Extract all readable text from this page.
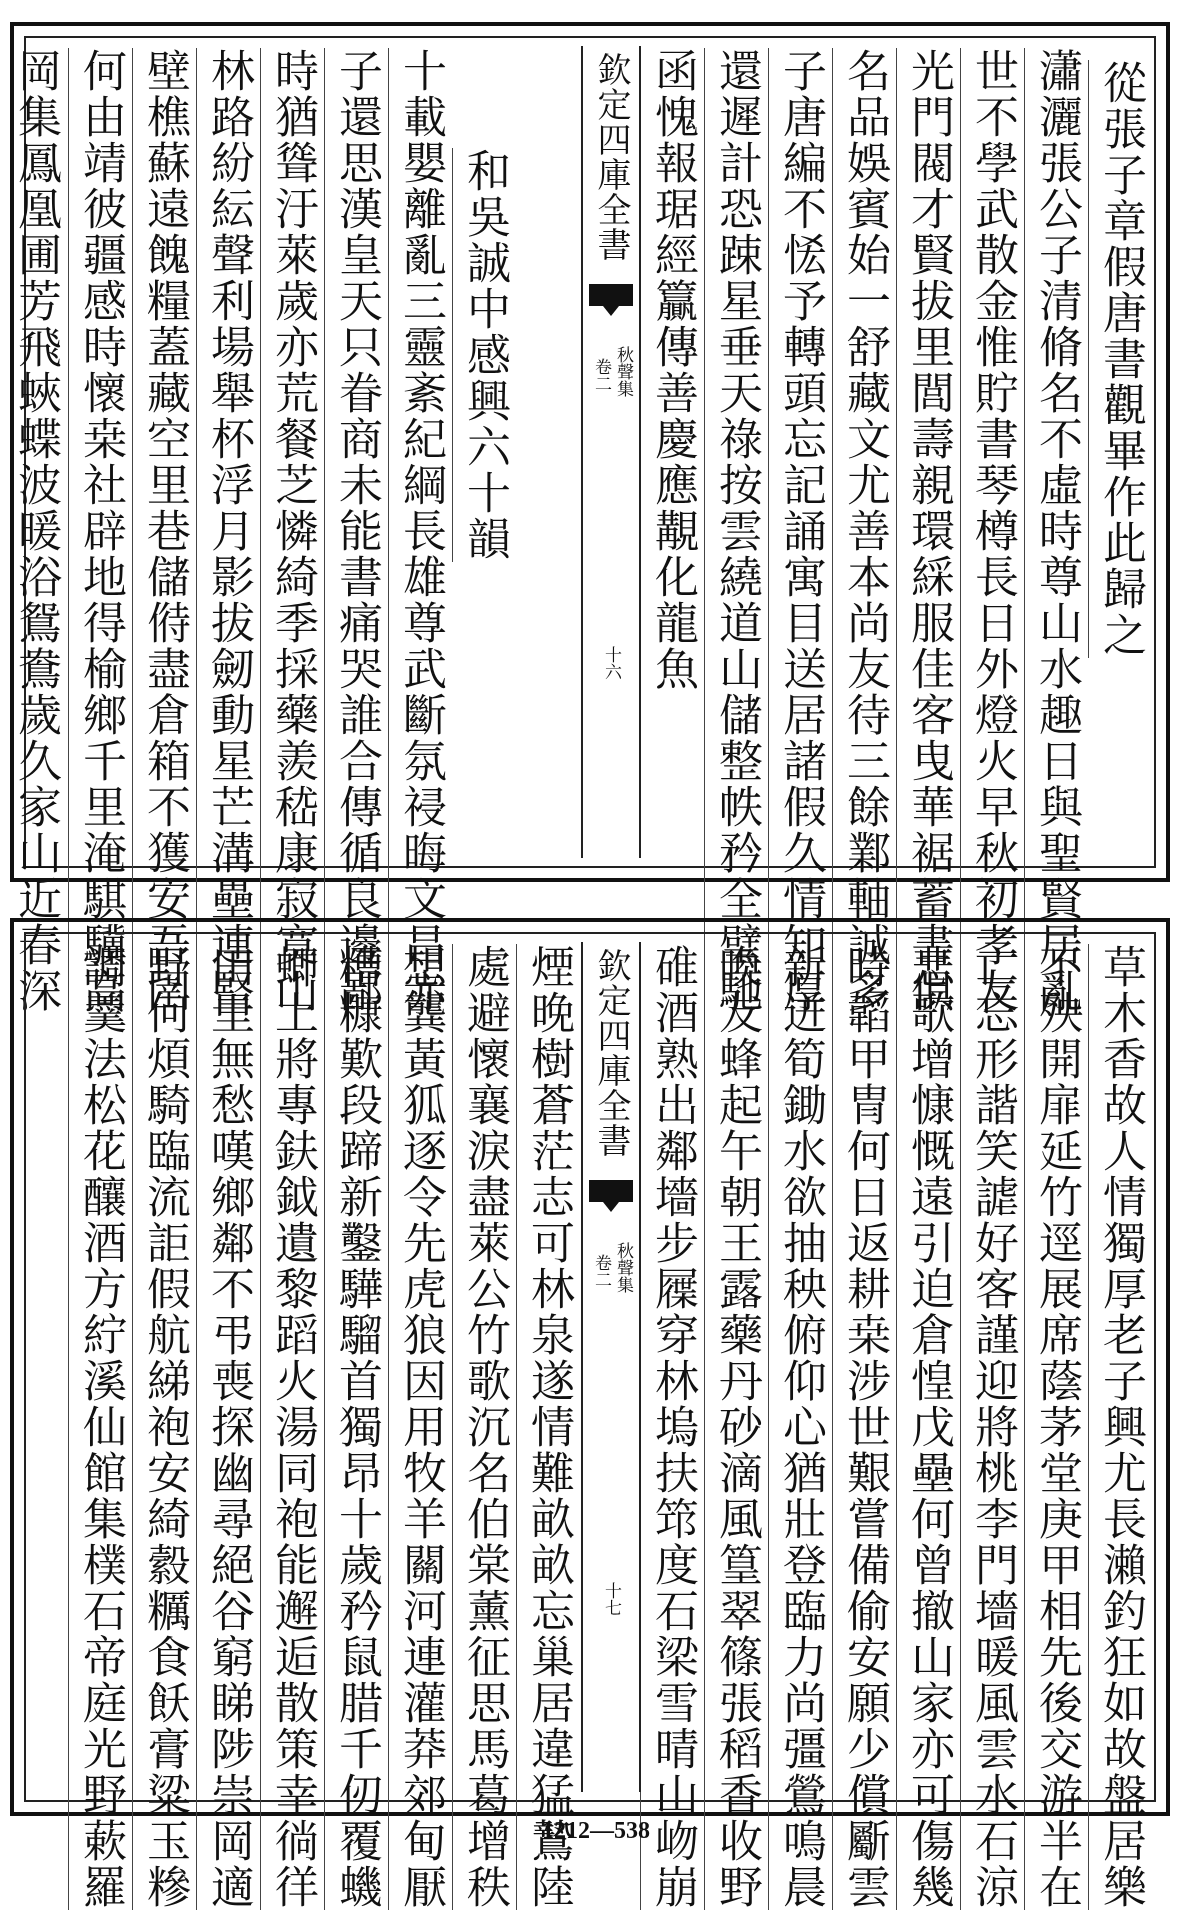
從張子章假唐書觀畢作此歸之
瀟灑張公子清脩名不虛時尊山水趣日與聖賢居亂
世不學武散金惟貯書琴樽長日外燈火早秋初孝友
光門閥才賢拔里閭壽親環綵服佳客曳華裾蓄書俱
名品娛賓始一舒藏文尤善本尚友待三餘鄴軸誠多
子唐編不恡予轉頭忘記誦寓目送居諸假久情知厚
還遲計恐踈星垂天祿按雲繞道山儲整帙矜全璧馳
函愧報琚經籯傳善慶應覯化龍魚
欽定四庫全書
秋聲集
卷二
十六
和吳誠中感興六十韻
十載嬰離亂三靈紊紀綱長雄尊武斷氛祲晦文昌赤
子還思漢皇天只眷商未能書痛哭誰合傳循良邊鄙
時猶聳汙萊歲亦荒餐芝憐綺季採藥羨嵇康寂寞山
林路紛紜聲利場舉杯浮月影拔劒動星芒溝壘連堅
壁樵蘇遠餽糧蓋藏空里巷儲偫盡倉箱不獲安吾圉
何由靖彼疆感時懷桒社辟地得榆鄉千里淹騏驥高
岡集鳳凰圃芳飛蛺蝶波暖浴鴛鴦歲久家山近春深
草木香故人情獨厚老子興尤長瀨釣狂如故盤居樂
不殃開扉延竹逕展席蔭茅堂庚甲相先後交游半在
亡忘形諧笑謔好客謹迎將桃李門墻暖風雲水石涼
悲歌增慷慨遠引迫倉惶戊壘何曾撤山家亦可傷幾
時韜甲冑何日返耕桒涉世艱嘗備偷安願少償斸雲
新迸筍鋤水欲抽秧俯仰心猶壯登臨力尚彊鶯鳴晨
喚友蜂起午朝王露藥丹砂滴風篁翠篠張稻香收野
碓酒熟出鄰墻步屧穿林塢扶筇度石梁雪晴山岉崩
欽定四庫全書
秋聲集
卷二
十七
煙晚樹蒼茫志可林泉遂情難畝畝忘巢居違猛鷙陸
處避懷襄淚盡萊公竹歌沉名伯棠薰征思馬葛增秩
想龔黃狐逐令先虎狼因用牧羊關河連灌莽郊甸厭
糟糠歎段蹄新鑿驊騮首獨昂十歲矜鼠腊千仞覆蟣
蝍上將專鈇鉞遺黎蹈火湯同袍能邂逅散策幸徜徉
田里無愁嘆鄉鄰不弔喪探幽尋絕谷窮睇陟崇岡適
野何煩騎臨流詎假航綈袍安綺縠糲食飫膏粱玉糝
調羹法松花釀酒方紵溪仙館集樸石帝庭光野蔌羅	1212—538
